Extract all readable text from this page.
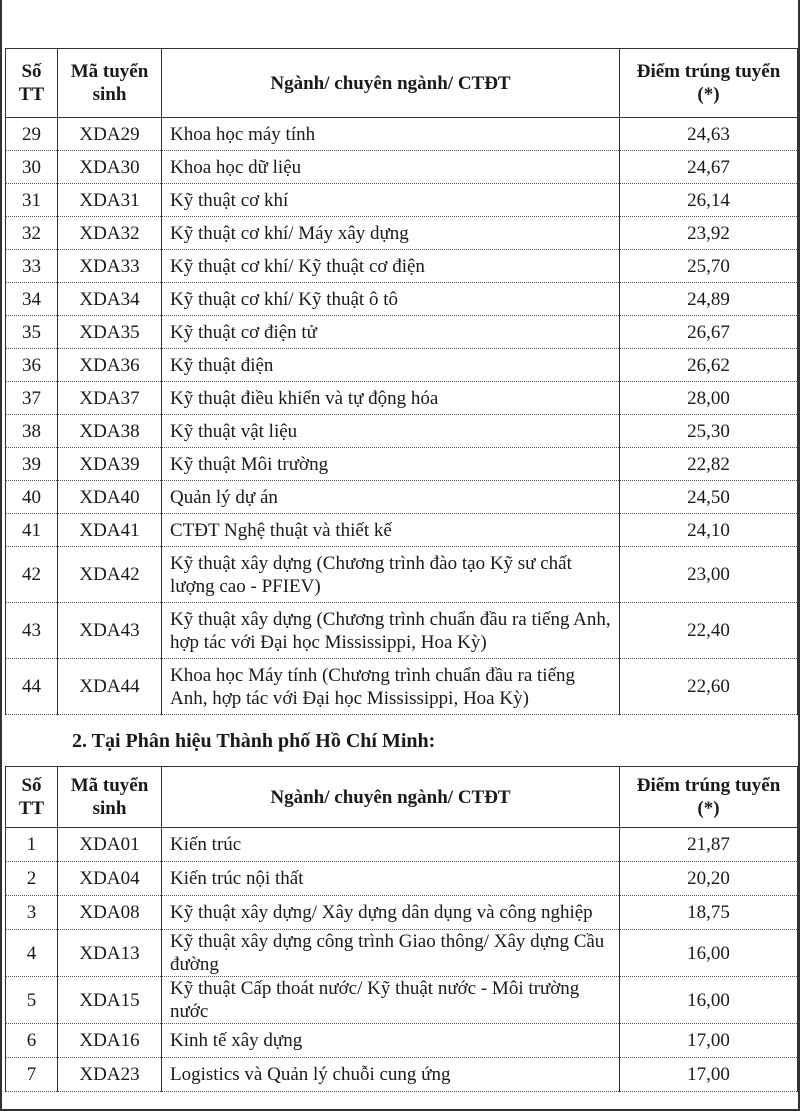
Số TT	Mã tuyển sinh	Ngành/ chuyên ngành/ CTĐT	Điểm trúng tuyển (*)
29	XDA29	Khoa học máy tính	24,63
30	XDA30	Khoa học dữ liệu	24,67
31	XDA31	Kỹ thuật cơ khí	26,14
32	XDA32	Kỹ thuật cơ khí/ Máy xây dựng	23,92
33	XDA33	Kỹ thuật cơ khí/ Kỹ thuật cơ điện	25,70
34	XDA34	Kỹ thuật cơ khí/ Kỹ thuật ô tô	24,89
35	XDA35	Kỹ thuật cơ điện tử	26,67
36	XDA36	Kỹ thuật điện	26,62
37	XDA37	Kỹ thuật điều khiển và tự động hóa	28,00
38	XDA38	Kỹ thuật vật liệu	25,30
39	XDA39	Kỹ thuật Môi trường	22,82
40	XDA40	Quản lý dự án	24,50
41	XDA41	CTĐT Nghệ thuật và thiết kế	24,10
42	XDA42	Kỹ thuật xây dựng (Chương trình đào tạo Kỹ sư chất lượng cao - PFIEV)	23,00
43	XDA43	Kỹ thuật xây dựng (Chương trình chuẩn đầu ra tiếng Anh, hợp tác với Đại học Mississippi, Hoa Kỳ)	22,40
44	XDA44	Khoa học Máy tính (Chương trình chuẩn đầu ra tiếng Anh, hợp tác với Đại học Mississippi, Hoa Kỳ)	22,60

2. Tại Phân hiệu Thành phố Hồ Chí Minh:

Số TT	Mã tuyển sinh	Ngành/ chuyên ngành/ CTĐT	Điểm trúng tuyển (*)
1	XDA01	Kiến trúc	21,87
2	XDA04	Kiến trúc nội thất	20,20
3	XDA08	Kỹ thuật xây dựng/ Xây dựng dân dụng và công nghiệp	18,75
4	XDA13	Kỹ thuật xây dựng công trình Giao thông/ Xây dựng Cầu đường	16,00
5	XDA15	Kỹ thuật Cấp thoát nước/ Kỹ thuật nước - Môi trường nước	16,00
6	XDA16	Kinh tế xây dựng	17,00
7	XDA23	Logistics và Quản lý chuỗi cung ứng	17,00
